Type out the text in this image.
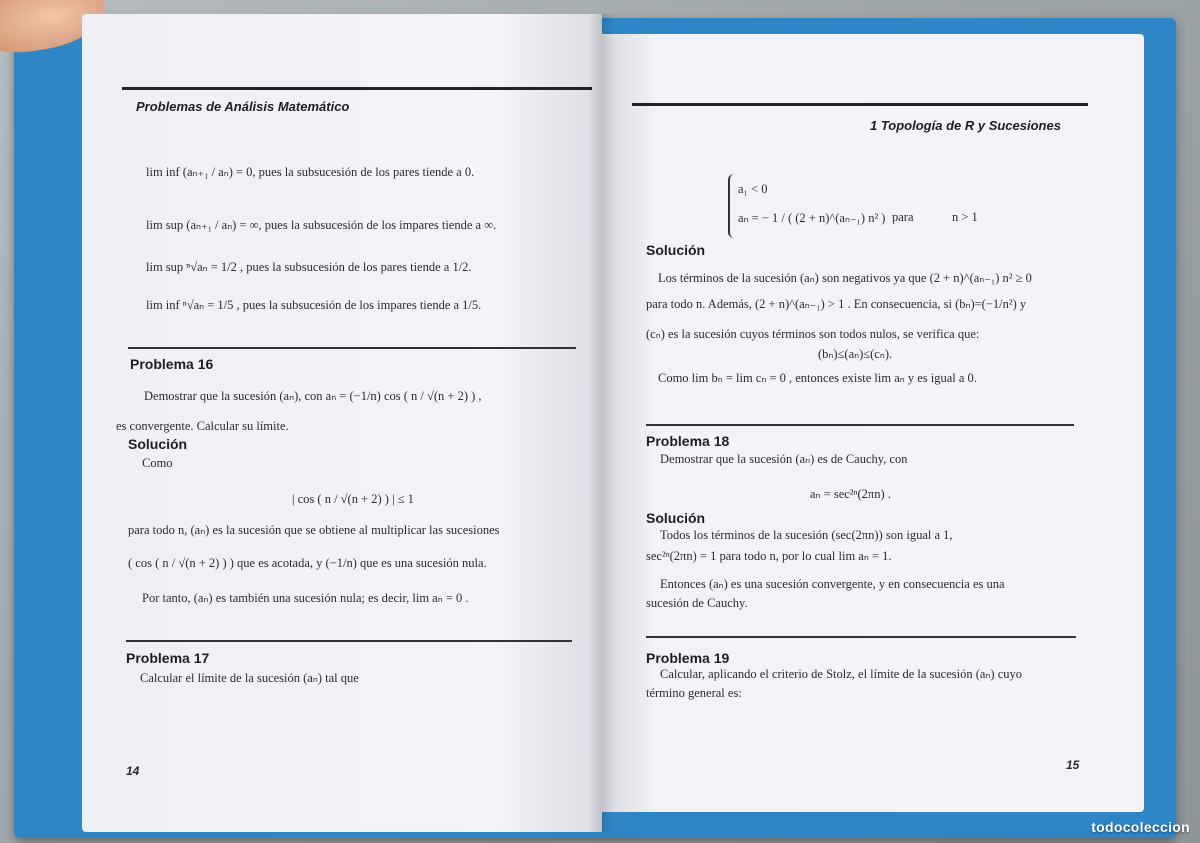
Problemas de Análisis Matemático
lim inf (aₙ₊₁ / aₙ) = 0, pues la subsucesión de los pares tiende a 0.
lim sup (aₙ₊₁ / aₙ) = ∞, pues la subsucesión de los impares tiende a ∞.
lim sup ⁿ√aₙ = 1/2 , pues la subsucesión de los pares tiende a 1/2.
lim inf ⁿ√aₙ = 1/5 , pues la subsucesión de los impares tiende a 1/5.
Problema 16
Demostrar que la sucesión (aₙ), con aₙ = (−1/n) cos ( n / √(n + 2) ) ,
es convergente. Calcular su límite.
Solución
Como
| cos ( n / √(n + 2) ) | ≤ 1
para todo n, (aₙ) es la sucesión que se obtiene al multiplicar las sucesiones
( cos ( n / √(n + 2) ) ) que es acotada, y (−1/n) que es una sucesión nula.
Por tanto, (aₙ) es también una sucesión nula; es decir, lim aₙ = 0 .
Problema 17
Calcular el límite de la sucesión (aₙ) tal que
14
1 Topología de R y Sucesiones
a₁ < 0
aₙ = − 1 / ( (2 + n)^(aₙ₋₁) n² ) para	n > 1
Solución
Los términos de la sucesión (aₙ) son negativos ya que (2 + n)^(aₙ₋₁) n² ≥ 0
para todo n. Además, (2 + n)^(aₙ₋₁) > 1 . En consecuencia, si (bₙ)=(−1/n²) y
(cₙ) es la sucesión cuyos términos son todos nulos, se verifica que:
(bₙ)≤(aₙ)≤(cₙ).
Como lim bₙ = lim cₙ = 0 , entonces existe lim aₙ y es igual a 0.
Problema 18
Demostrar que la sucesión (aₙ) es de Cauchy, con
aₙ = sec²ⁿ(2πn) .
Solución
Todos los términos de la sucesión (sec(2πn)) son igual a 1,
sec²ⁿ(2πn) = 1 para todo n, por lo cual lim aₙ = 1.
Entonces (aₙ) es una sucesión convergente, y en consecuencia es una
sucesión de Cauchy.
Problema 19
Calcular, aplicando el criterio de Stolz, el límite de la sucesión (aₙ) cuyo
término general es:
15
todocoleccion
